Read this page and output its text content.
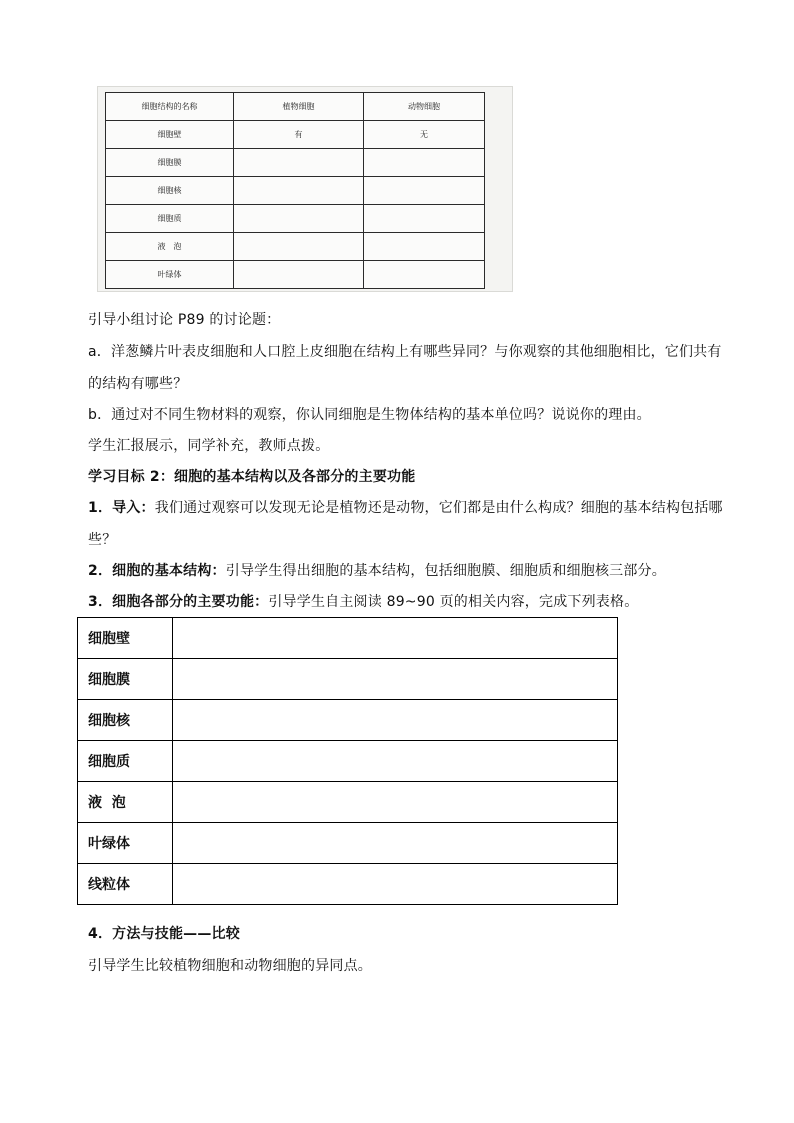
细胞结构的名称	植物细胞	动物细胞
细胞壁	有	无
细胞膜		
细胞核		
细胞质		
液　泡		
叶绿体		
引导小组讨论 P89 的讨论题：
a．洋葱鳞片叶表皮细胞和人口腔上皮细胞在结构上有哪些异同？与你观察的其他细胞相比，它们共有
的结构有哪些？
b．通过对不同生物材料的观察，你认同细胞是生物体结构的基本单位吗？说说你的理由。
学生汇报展示，同学补充，教师点拨。
学习目标 2：细胞的基本结构以及各部分的主要功能
1．导入：我们通过观察可以发现无论是植物还是动物，它们都是由什么构成？细胞的基本结构包括哪
些？
2．细胞的基本结构：引导学生得出细胞的基本结构，包括细胞膜、细胞质和细胞核三部分。
3．细胞各部分的主要功能：引导学生自主阅读 89~90 页的相关内容，完成下列表格。
细胞壁	
细胞膜	
细胞核	
细胞质	
液  泡	
叶绿体	
线粒体	
4．方法与技能——比较
引导学生比较植物细胞和动物细胞的异同点。
